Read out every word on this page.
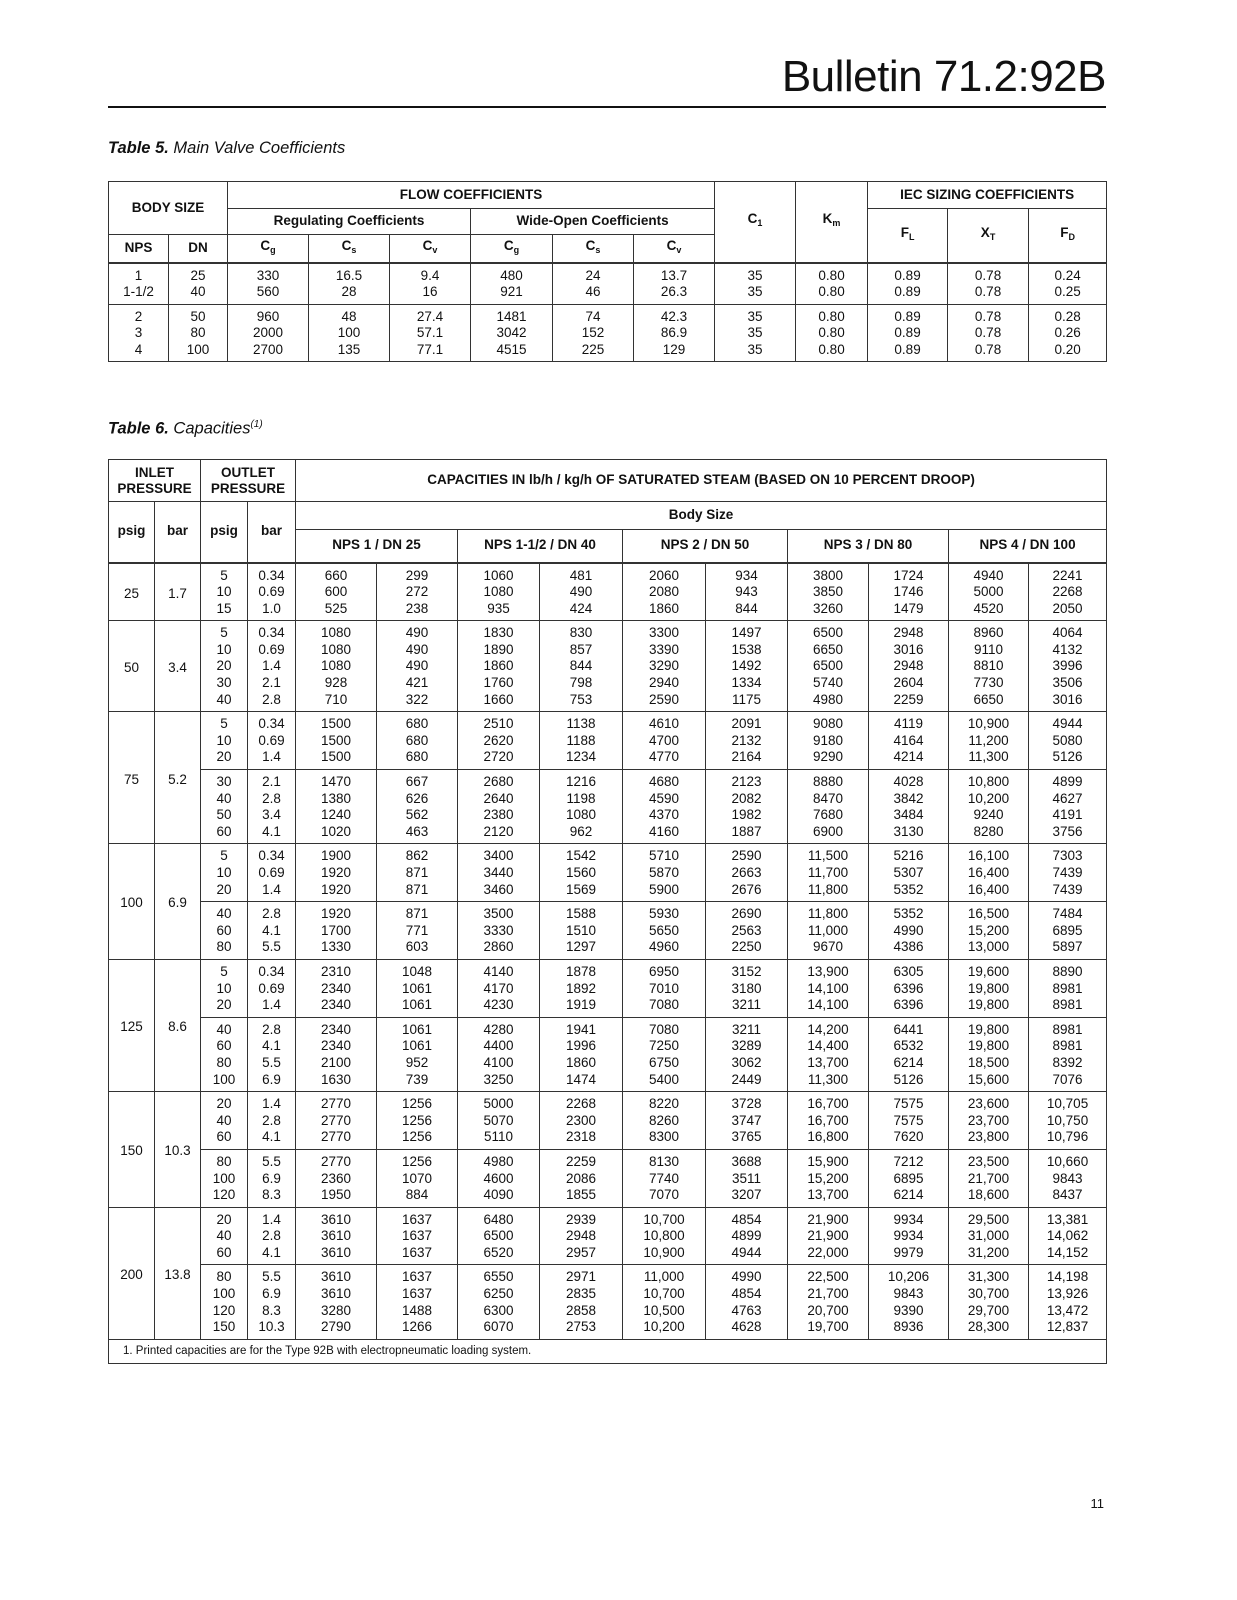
Bulletin 71.2:92B
Table 5. Main Valve Coefficients
BODY SIZE		FLOW COEFFICIENTS						$C_1$	$K_m$	IEC SIZING COEFFICIENTS		
		Regulating Coefficients			Wide-Open Coefficients					$F_L$	$X_T$	$F_D$
NPS	DN	$C_g$	$C_s$	$C_v$	$C_g$	$C_s$	$C_v$
1	25	330	16.5	9.4	480	24	13.7	35	0.80	0.89	0.78	0.24
1-1/2	40	560	28	16	921	46	26.3	35	0.80	0.89	0.78	0.25
2	50	960	48	27.4	1481	74	42.3	35	0.80	0.89	0.78	0.28
3	80	2000	100	57.1	3042	152	86.9	35	0.80	0.89	0.78	0.26
4	100	2700	135	77.1	4515	225	129	35	0.80	0.89	0.78	0.20
Table 6. Capacities$^{(1)}$
INLET PRESSURE		OUTLET PRESSURE		CAPACITIES IN lb/h / kg/h OF SATURATED STEAM (BASED ON 10 PERCENT DROOP)									
psig	bar	psig	bar	Body Size									
				NPS 1 / DN 25		NPS 1-1/2 / DN 40		NPS 2 / DN 50		NPS 3 / DN 80		NPS 4 / DN 100	
25	1.7	5	0.34	660	299	1060	481	2060	934	3800	1724	4940	2241
		10	0.69	600	272	1080	490	2080	943	3850	1746	5000	2268
		15	1.0	525	238	935	424	1860	844	3260	1479	4520	2050
50	3.4	5	0.34	1080	490	1830	830	3300	1497	6500	2948	8960	4064
		10	0.69	1080	490	1890	857	3390	1538	6650	3016	9110	4132
		20	1.4	1080	490	1860	844	3290	1492	6500	2948	8810	3996
		30	2.1	928	421	1760	798	2940	1334	5740	2604	7730	3506
		40	2.8	710	322	1660	753	2590	1175	4980	2259	6650	3016
75	5.2	5	0.34	1500	680	2510	1138	4610	2091	9080	4119	10,900	4944
		10	0.69	1500	680	2620	1188	4700	2132	9180	4164	11,200	5080
		20	1.4	1500	680	2720	1234	4770	2164	9290	4214	11,300	5126
		30	2.1	1470	667	2680	1216	4680	2123	8880	4028	10,800	4899
		40	2.8	1380	626	2640	1198	4590	2082	8470	3842	10,200	4627
		50	3.4	1240	562	2380	1080	4370	1982	7680	3484	9240	4191
		60	4.1	1020	463	2120	962	4160	1887	6900	3130	8280	3756
100	6.9	5	0.34	1900	862	3400	1542	5710	2590	11,500	5216	16,100	7303
		10	0.69	1920	871	3440	1560	5870	2663	11,700	5307	16,400	7439
		20	1.4	1920	871	3460	1569	5900	2676	11,800	5352	16,400	7439
		40	2.8	1920	871	3500	1588	5930	2690	11,800	5352	16,500	7484
		60	4.1	1700	771	3330	1510	5650	2563	11,000	4990	15,200	6895
		80	5.5	1330	603	2860	1297	4960	2250	9670	4386	13,000	5897
125	8.6	5	0.34	2310	1048	4140	1878	6950	3152	13,900	6305	19,600	8890
		10	0.69	2340	1061	4170	1892	7010	3180	14,100	6396	19,800	8981
		20	1.4	2340	1061	4230	1919	7080	3211	14,100	6396	19,800	8981
		40	2.8	2340	1061	4280	1941	7080	3211	14,200	6441	19,800	8981
		60	4.1	2340	1061	4400	1996	7250	3289	14,400	6532	19,800	8981
		80	5.5	2100	952	4100	1860	6750	3062	13,700	6214	18,500	8392
		100	6.9	1630	739	3250	1474	5400	2449	11,300	5126	15,600	7076
150	10.3	20	1.4	2770	1256	5000	2268	8220	3728	16,700	7575	23,600	10,705
		40	2.8	2770	1256	5070	2300	8260	3747	16,700	7575	23,700	10,750
		60	4.1	2770	1256	5110	2318	8300	3765	16,800	7620	23,800	10,796
		80	5.5	2770	1256	4980	2259	8130	3688	15,900	7212	23,500	10,660
		100	6.9	2360	1070	4600	2086	7740	3511	15,200	6895	21,700	9843
		120	8.3	1950	884	4090	1855	7070	3207	13,700	6214	18,600	8437
200	13.8	20	1.4	3610	1637	6480	2939	10,700	4854	21,900	9934	29,500	13,381
		40	2.8	3610	1637	6500	2948	10,800	4899	21,900	9934	31,000	14,062
		60	4.1	3610	1637	6520	2957	10,900	4944	22,000	9979	31,200	14,152
		80	5.5	3610	1637	6550	2971	11,000	4990	22,500	10,206	31,300	14,198
		100	6.9	3610	1637	6250	2835	10,700	4854	21,700	9843	30,700	13,926
		120	8.3	3280	1488	6300	2858	10,500	4763	20,700	9390	29,700	13,472
		150	10.3	2790	1266	6070	2753	10,200	4628	19,700	8936	28,300	12,837
1. Printed capacities are for the Type 92B with electropneumatic loading system.													
11
